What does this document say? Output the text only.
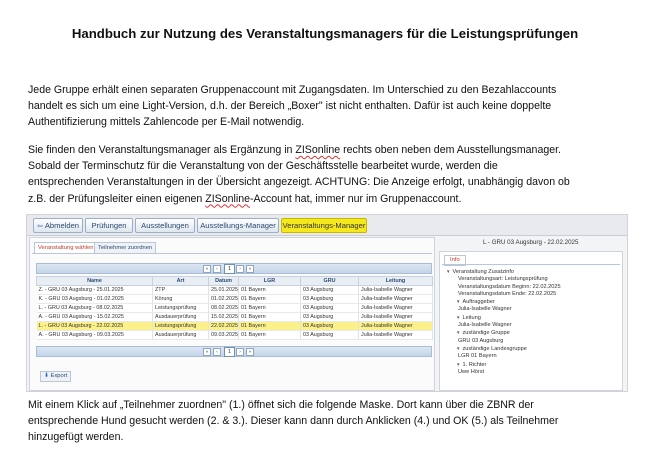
Handbuch zur Nutzung des Veranstaltungsmanagers für die Leistungsprüfungen
Jede Gruppe erhält einen separaten Gruppenaccount mit Zugangsdaten. Im Unterschied zu den Bezahlaccounts
handelt es sich um eine Light-Version, d.h. der Bereich „Boxer" ist nicht enthalten. Dafür ist auch keine doppelte
Authentifizierung mittels Zahlencode per E-Mail notwendig.
Sie finden den Veranstaltungsmanager als Ergänzung in ZISonline rechts oben neben dem Ausstellungsmanager.
Sobald der Terminschutz für die Veranstaltung von der Geschäftsstelle bearbeitet wurde, werden die
entsprechenden Veranstaltungen in der Übersicht angezeigt. ACHTUNG: Die Anzeige erfolgt, unabhängig davon ob
z.B. der Prüfungsleiter einen eigenen ZISonline-Account hat, immer nur im Gruppenaccount.
⇦ Abmelden	Prüfungen	Ausstellungen	Ausstellungs-Manager Veranstaltungs-Manager
Veranstaltung wählen Teilnehmer zuordnen
«	‹	1	›	»
Name	Art	Datum	LGR	GRU	Leitung
Z. - GRU 03 Augsburg - 25.01.2025	ZTP	25.01.2025	01 Bayern	03 Augsburg	Julia-Isabelle Wagner
K. - GRU 03 Augsburg - 01.02.2025	Körung	01.02.2025	01 Bayern	03 Augsburg	Julia-Isabelle Wagner
L. - GRU 03 Augsburg - 08.02.2025	Leistungsprüfung	08.02.2025	01 Bayern	03 Augsburg	Julia-Isabelle Wagner
A. - GRU 03 Augsburg - 15.02.2025	Ausdauerprüfung	15.02.2025	01 Bayern	03 Augsburg	Julia-Isabelle Wagner
L. - GRU 03 Augsburg - 22.02.2025	Leistungsprüfung	22.02.2025	01 Bayern	03 Augsburg	Julia-Isabelle Wagner
A. - GRU 03 Augsburg - 09.03.2025	Ausdauerprüfung	09.03.2025	01 Bayern	03 Augsburg	Julia-Isabelle Wagner
«	‹	1	›	»
⬇ Export
L - GRU 03 Augsburg - 22.02.2025
Info
▼ Veranstaltung Zusatzinfo
Veranstaltungsart: Leistungsprüfung
Veranstaltungsdatum Beginn: 22.02.2025
Veranstaltungsdatum Ende: 22.02.2025
▼ Auftraggeber
Julia-Isabelle Wagner
▼ Leitung
Julia-Isabelle Wagner
▼ zuständige Gruppe
GRU 03 Augsburg
▼ zuständige Landesgruppe
LGR 01 Bayern
▼ 1. Richter
Uwe Hörst
Mit einem Klick auf „Teilnehmer zuordnen" (1.) öffnet sich die folgende Maske. Dort kann über die ZBNR der
entsprechende Hund gesucht werden (2. & 3.). Dieser kann dann durch Anklicken (4.) und OK (5.) als Teilnehmer
hinzugefügt werden.
